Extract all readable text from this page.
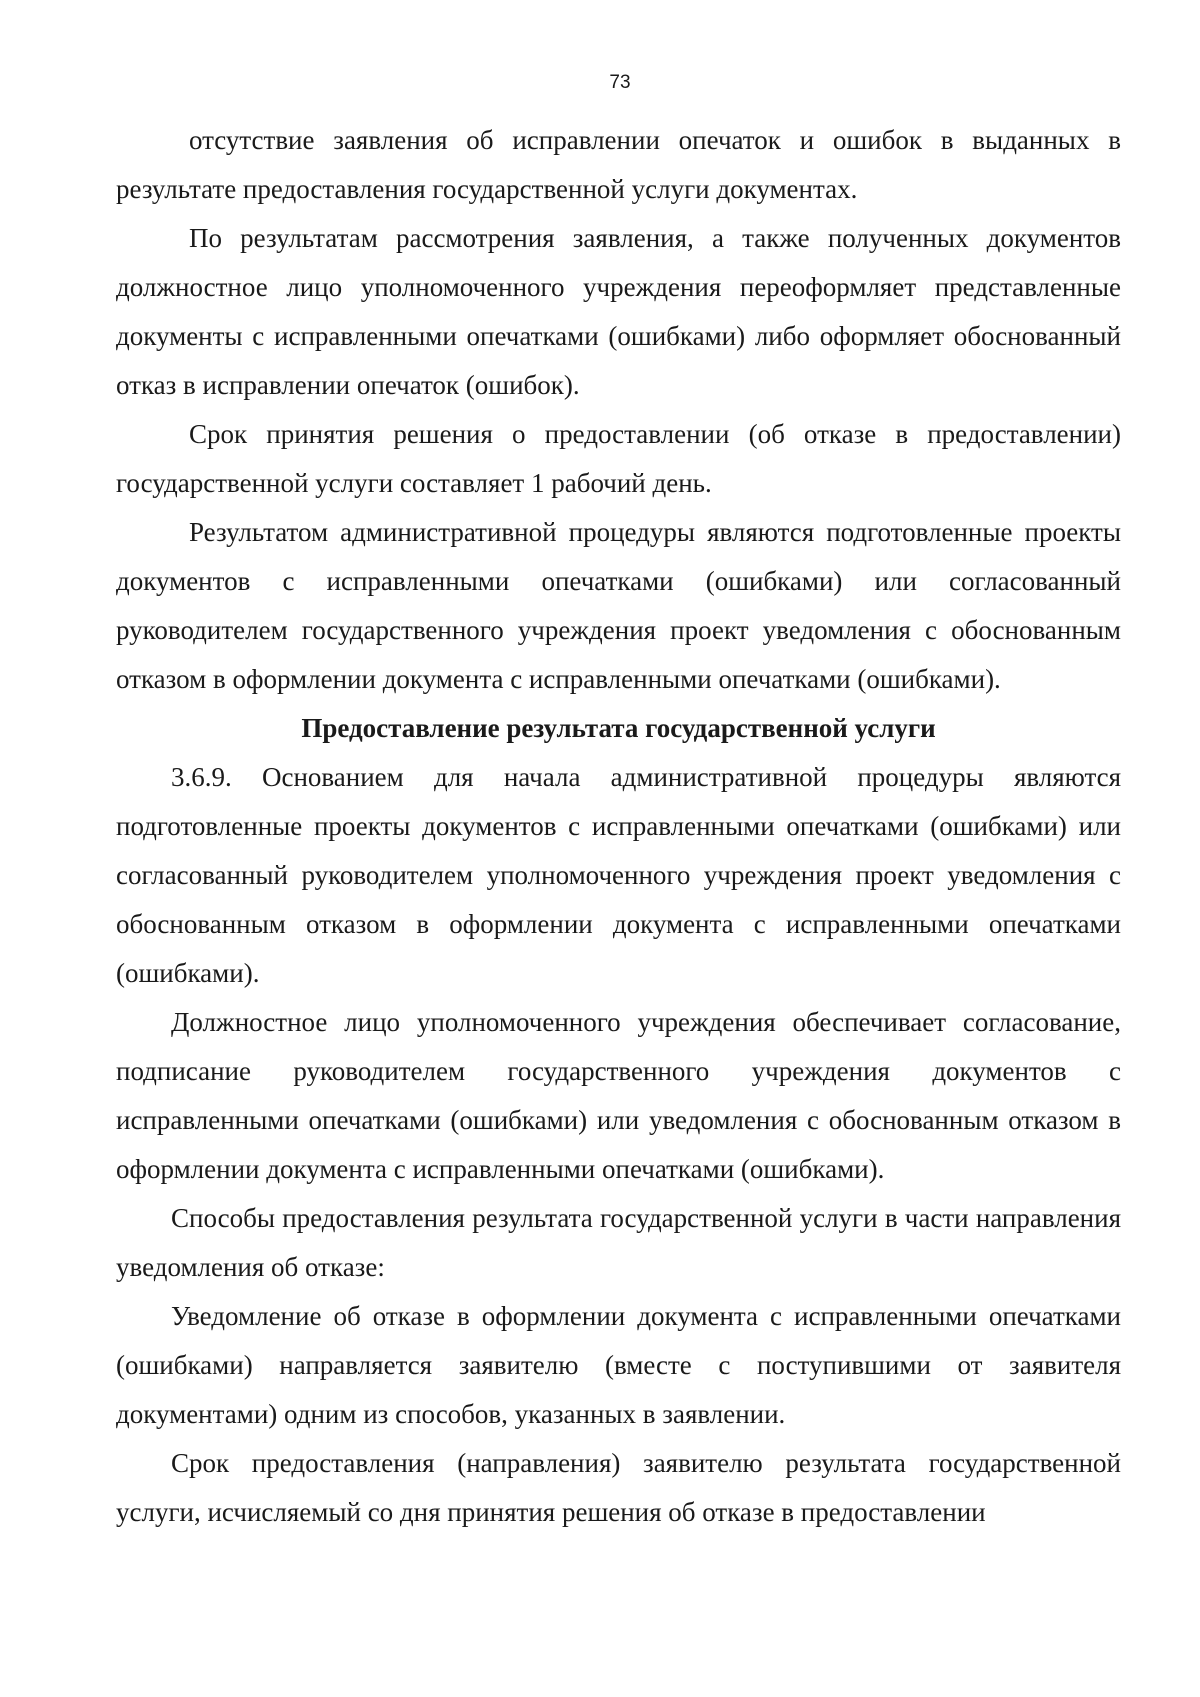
73

отсутствие заявления об исправлении опечаток и ошибок в выданных в результате предоставления государственной услуги документах.

По результатам рассмотрения заявления, а также полученных документов должностное лицо уполномоченного учреждения переоформляет представленные документы с исправленными опечатками (ошибками) либо оформляет обоснованный отказ в исправлении опечаток (ошибок).

Срок принятия решения о предоставлении (об отказе в предоставлении) государственной услуги составляет 1 рабочий день.

Результатом административной процедуры являются подготовленные проекты документов с исправленными опечатками (ошибками) или согласованный руководителем государственного учреждения проект уведомления с обоснованным отказом в оформлении документа с исправленными опечатками (ошибками).

Предоставление результата государственной услуги

3.6.9. Основанием для начала административной процедуры являются подготовленные проекты документов с исправленными опечатками (ошибками) или согласованный руководителем уполномоченного учреждения проект уведомления с обоснованным отказом в оформлении документа с исправленными опечатками (ошибками).

Должностное лицо уполномоченного учреждения обеспечивает согласование, подписание руководителем государственного учреждения документов с исправленными опечатками (ошибками) или уведомления с обоснованным отказом в оформлении документа с исправленными опечатками (ошибками).

Способы предоставления результата государственной услуги в части направления уведомления об отказе:

Уведомление об отказе в оформлении документа с исправленными опечатками (ошибками) направляется заявителю (вместе с поступившими от заявителя документами) одним из способов, указанных в заявлении.

Срок предоставления (направления) заявителю результата государственной услуги, исчисляемый со дня принятия решения об отказе в предоставлении
